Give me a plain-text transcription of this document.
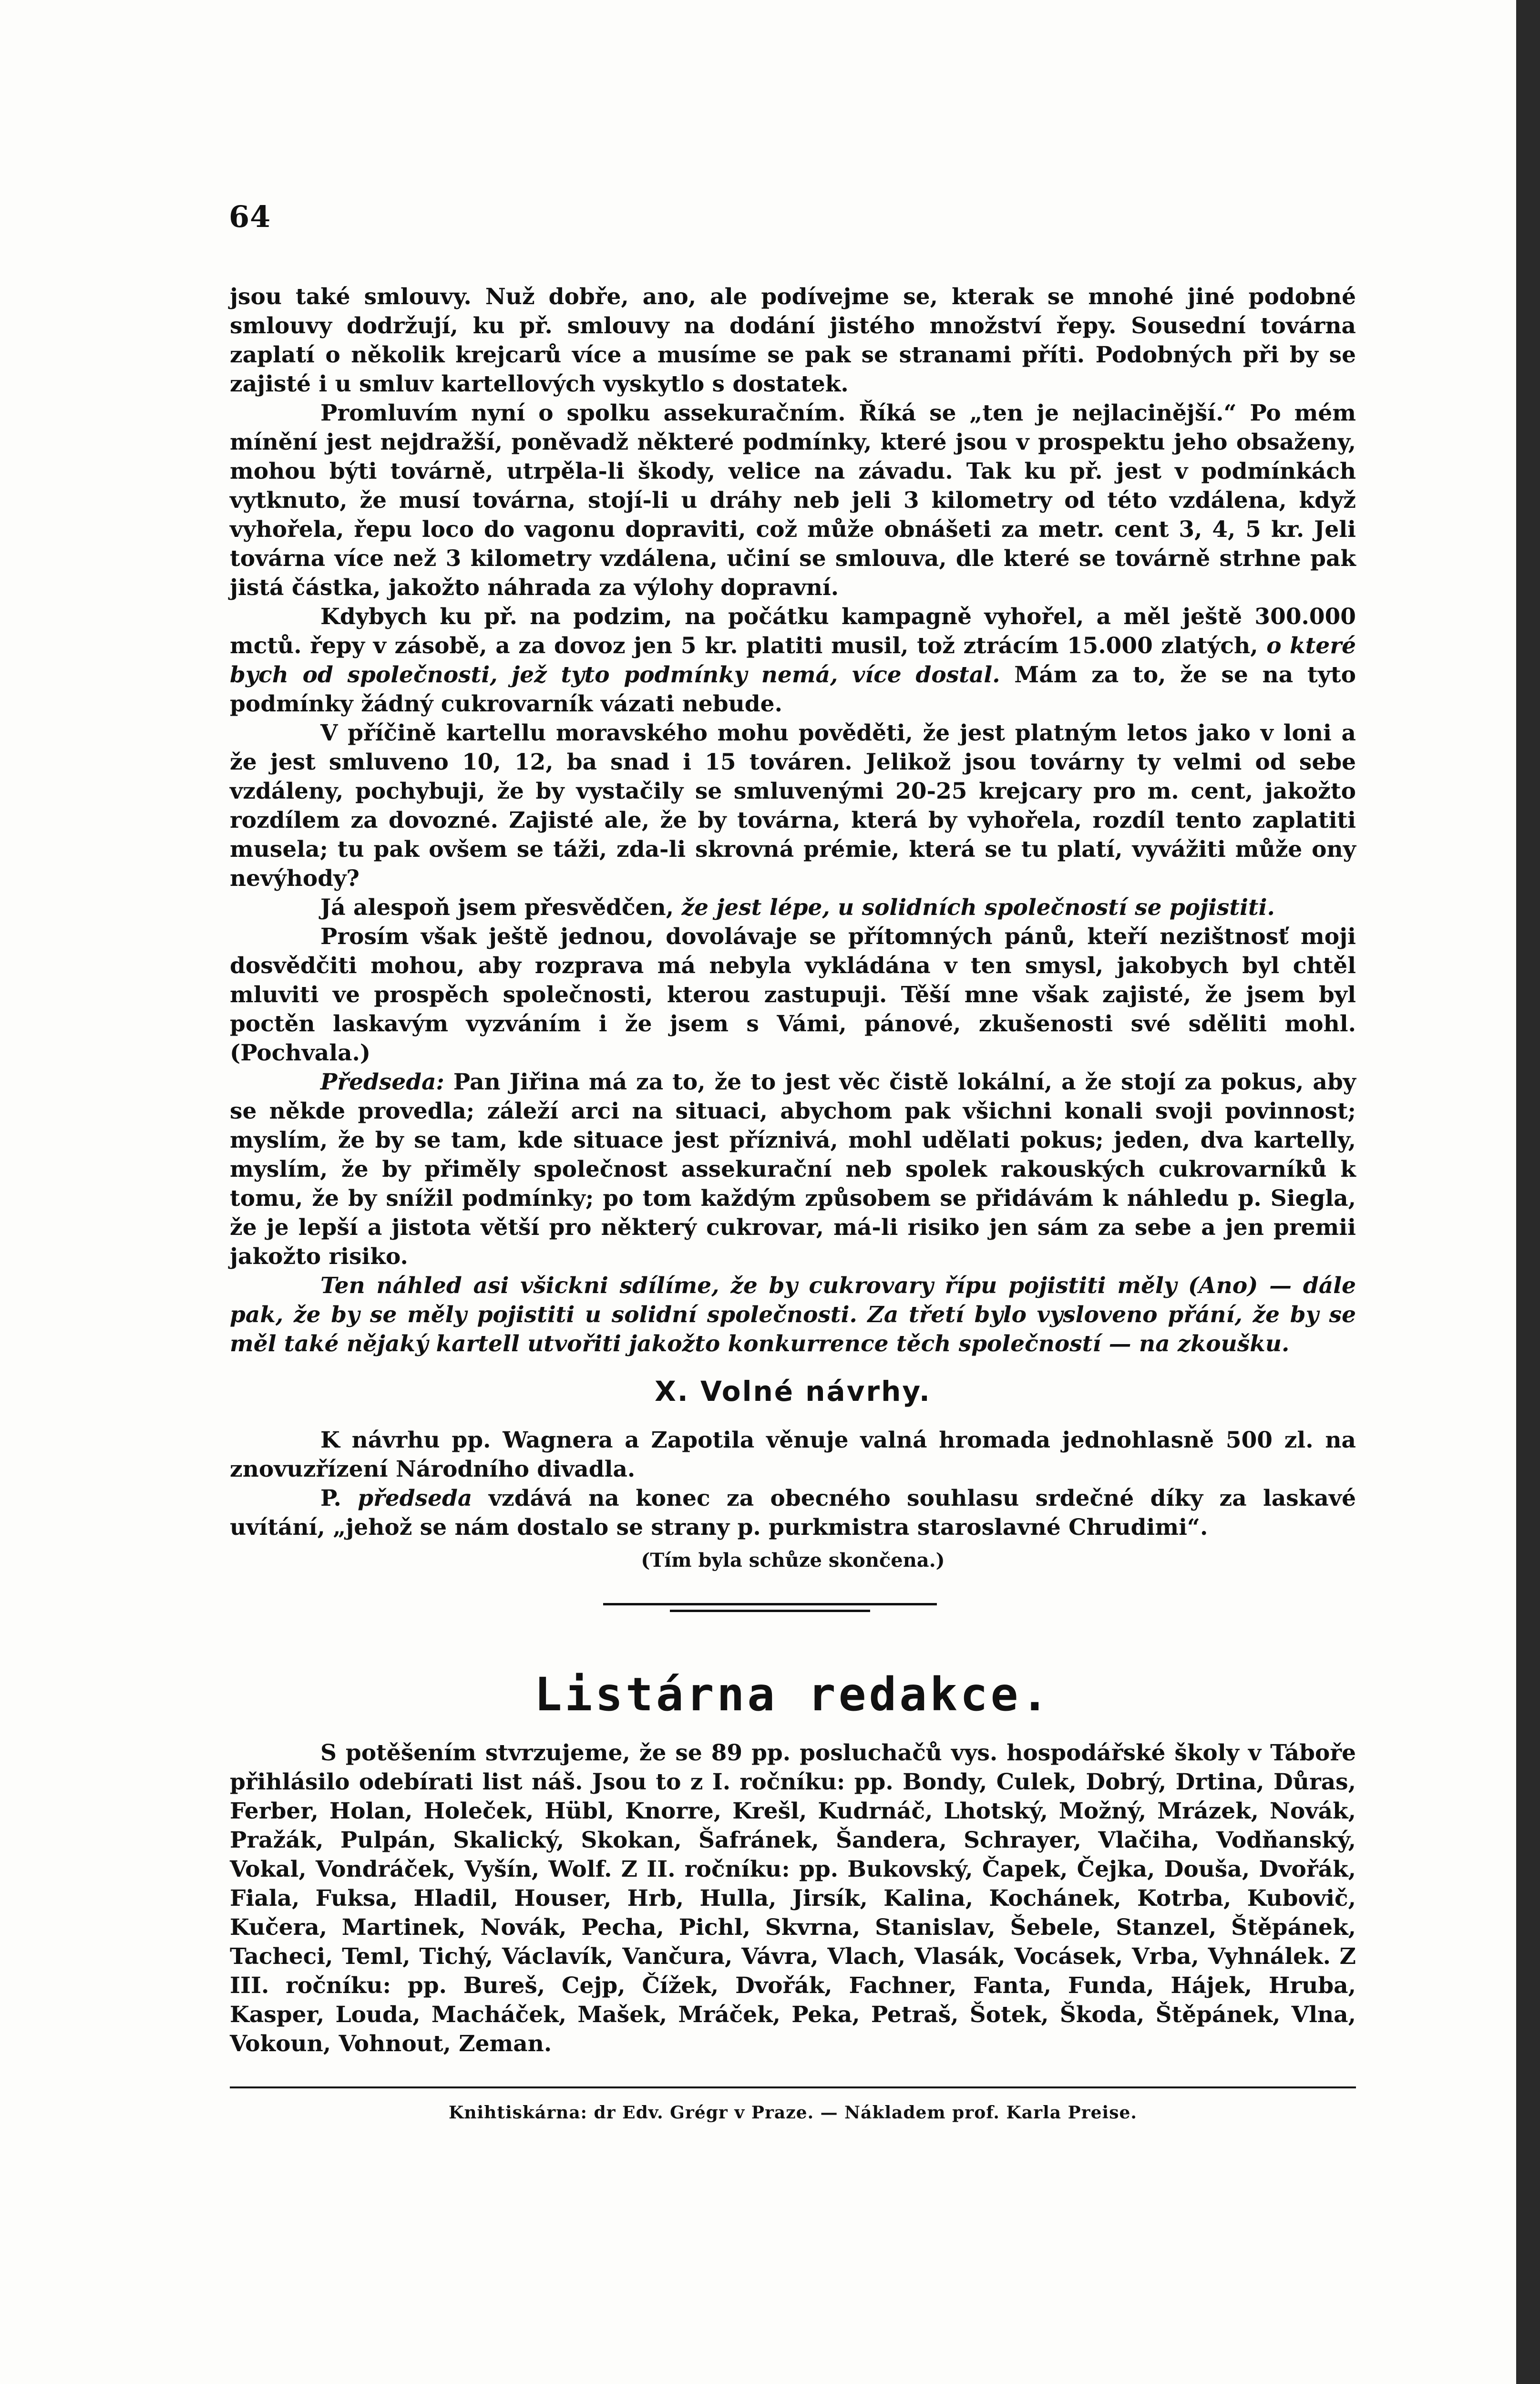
64

jsou také smlouvy. Nuž dobře, ano, ale podívejme se, kterak se mnohé jiné podobné smlouvy dodržují, ku př. smlouvy na dodání jistého množství řepy. Sousední továrna zaplatí o několik krejcarů více a musíme se pak se stranami příti. Podobných při by se zajisté i u smluv kartellových vyskytlo s dostatek.

Promluvím nyní o spolku assekuračním. Říká se „ten je nejlacinější.“ Po mém mínění jest nejdražší, poněvadž některé podmínky, které jsou v prospektu jeho obsaženy, mohou býti továrně, utrpěla-li škody, velice na závadu. Tak ku př. jest v podmínkách vytknuto, že musí továrna, stojí-li u dráhy neb jeli 3 kilometry od této vzdálena, když vyhořela, řepu loco do vagonu dopraviti, což může obnášeti za metr. cent 3, 4, 5 kr. Jeli továrna více než 3 kilometry vzdálena, učiní se smlouva, dle které se továrně strhne pak jistá částka, jakožto náhrada za výlohy dopravní.

Kdybych ku př. na podzim, na počátku kampagně vyhořel, a měl ještě 300.000 mctů. řepy v zásobě, a za dovoz jen 5 kr. platiti musil, tož ztrácím 15.000 zlatých, o které bych od společnosti, jež tyto podmínky nemá, více dostal. Mám za to, že se na tyto podmínky žádný cukrovarník vázati nebude.

V příčině kartellu moravského mohu pověděti, že jest platným letos jako v loni a že jest smluveno 10, 12, ba snad i 15 továren. Jelikož jsou továrny ty velmi od sebe vzdáleny, pochybuji, že by vystačily se smluvenými 20-25 krejcary pro m. cent, jakožto rozdílem za dovozné. Zajisté ale, že by továrna, která by vyhořela, rozdíl tento zaplatiti musela; tu pak ovšem se táži, zda-li skrovná prémie, která se tu platí, vyvážiti může ony nevýhody?

Já alespoň jsem přesvědčen, že jest lépe, u solidních společností se pojistiti.

Prosím však ještě jednou, dovolávaje se přítomných pánů, kteří nezištnosť moji dosvědčiti mohou, aby rozprava má nebyla vykládána v ten smysl, jakobych byl chtěl mluviti ve prospěch společnosti, kterou zastupuji. Těší mne však zajisté, že jsem byl poctěn laskavým vyzváním i že jsem s Vámi, pánové, zkušenosti své sděliti mohl. (Pochvala.)

Předseda: Pan Jiřina má za to, že to jest věc čistě lokální, a že stojí za pokus, aby se někde provedla; záleží arci na situaci, abychom pak všichni konali svoji povinnost; myslím, že by se tam, kde situace jest příznivá, mohl udělati pokus; jeden, dva kartelly, myslím, že by přiměly společnost assekurační neb spolek rakouských cukrovarníků k tomu, že by snížil podmínky; po tom každým způsobem se přidávám k náhledu p. Siegla, že je lepší a jistota větší pro některý cukrovar, má-li risiko jen sám za sebe a jen premii jakožto risiko.

Ten náhled asi všickni sdílíme, že by cukrovary řípu pojistiti měly (Ano) — dále pak, že by se měly pojistiti u solidní společnosti. Za třetí bylo vysloveno přání, že by se měl také nějaký kartell utvořiti jakožto konkurrence těch společností — na zkoušku.

X. Volné návrhy.

K návrhu pp. Wagnera a Zapotila věnuje valná hromada jednohlasně 500 zl. na znovuzřízení Národního divadla.

P. předseda vzdává na konec za obecného souhlasu srdečné díky za laskavé uvítání, „jehož se nám dostalo se strany p. purkmistra staroslavné Chrudimi“.

(Tím byla schůze skončena.)
Listárna redakce.

S potěšením stvrzujeme, že se 89 pp. posluchačů vys. hospodářské školy v Táboře přihlásilo odebírati list náš. Jsou to z I. ročníku: pp. Bondy, Culek, Dobrý, Drtina, Důras, Ferber, Holan, Holeček, Hübl, Knorre, Krešl, Kudrnáč, Lhotský, Možný, Mrázek, Novák, Pražák, Pulpán, Skalický, Skokan, Šafránek, Šandera, Schrayer, Vlačiha, Vodňanský, Vokal, Vondráček, Vyšín, Wolf. Z II. ročníku: pp. Bukovský, Čapek, Čejka, Douša, Dvořák, Fiala, Fuksa, Hladil, Houser, Hrb, Hulla, Jirsík, Kalina, Kochánek, Kotrba, Kubovič, Kučera, Martinek, Novák, Pecha, Pichl, Skvrna, Stanislav, Šebele, Stanzel, Štěpánek, Tacheci, Teml, Tichý, Václavík, Vančura, Vávra, Vlach, Vlasák, Vocásek, Vrba, Vyhnálek. Z III. ročníku: pp. Bureš, Cejp, Čížek, Dvořák, Fachner, Fanta, Funda, Hájek, Hruba, Kasper, Louda, Macháček, Mašek, Mráček, Peka, Petraš, Šotek, Škoda, Štěpánek, Vlna, Vokoun, Vohnout, Zeman.

Knihtiskárna: dr Edv. Grégr v Praze. — Nákladem prof. Karla Preise.
